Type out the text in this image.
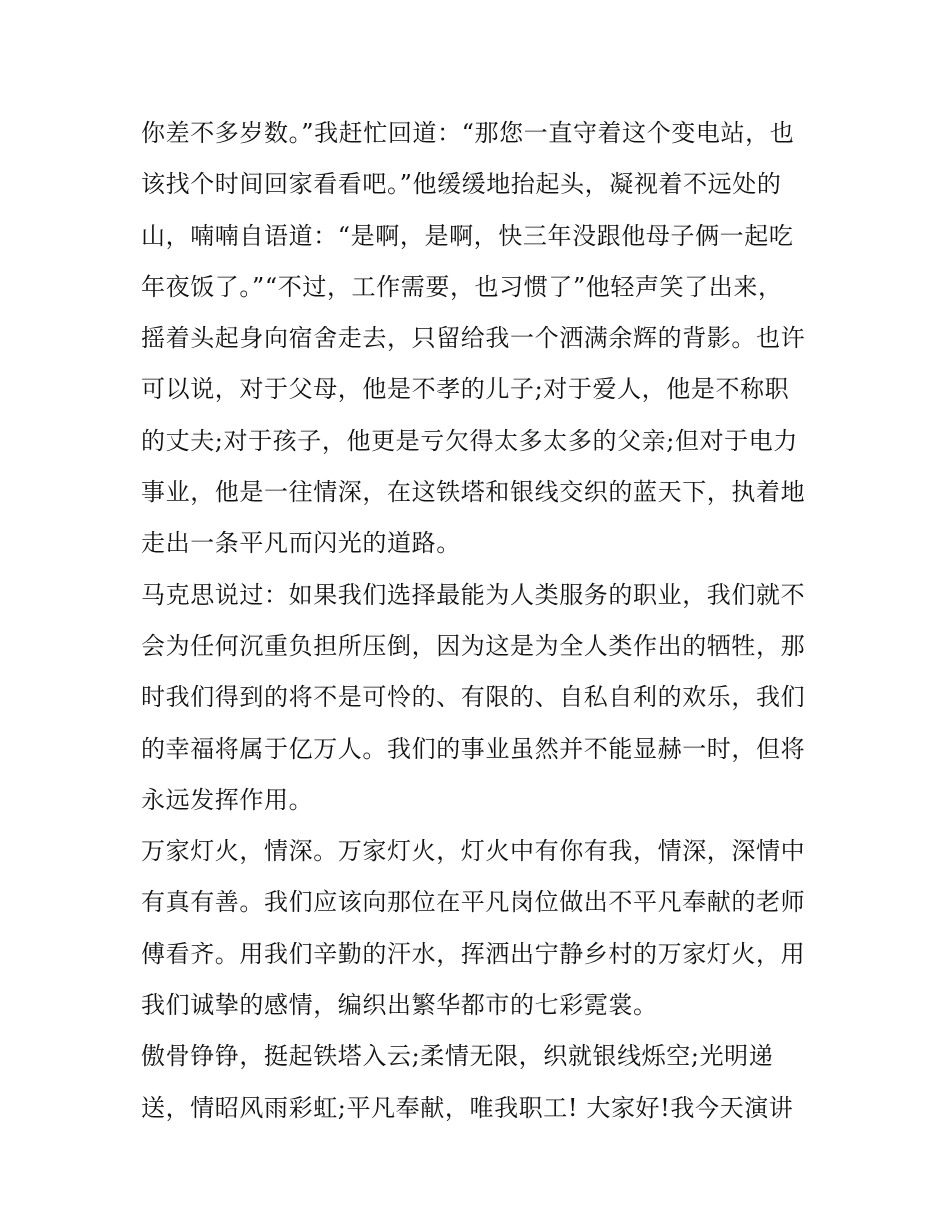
你差不多岁数。”我赶忙回道：“那您一直守着这个变电站，也
该找个时间回家看看吧。”他缓缓地抬起头，凝视着不远处的
山，喃喃自语道：“是啊，是啊，快三年没跟他母子俩一起吃
年夜饭了。”“不过，工作需要，也习惯了”他轻声笑了出来，
摇着头起身向宿舍走去，只留给我一个洒满余辉的背影。也许
可以说，对于父母，他是不孝的儿子;对于爱人，他是不称职
的丈夫;对于孩子，他更是亏欠得太多太多的父亲;但对于电力
事业，他是一往情深，在这铁塔和银线交织的蓝天下，执着地
走出一条平凡而闪光的道路。
马克思说过：如果我们选择最能为人类服务的职业，我们就不
会为任何沉重负担所压倒，因为这是为全人类作出的牺牲，那
时我们得到的将不是可怜的、有限的、自私自利的欢乐，我们
的幸福将属于亿万人。我们的事业虽然并不能显赫一时，但将
永远发挥作用。
万家灯火，情深。万家灯火，灯火中有你有我，情深，深情中
有真有善。我们应该向那位在平凡岗位做出不平凡奉献的老师
傅看齐。用我们辛勤的汗水，挥洒出宁静乡村的万家灯火，用
我们诚挚的感情，编织出繁华都市的七彩霓裳。
傲骨铮铮，挺起铁塔入云;柔情无限，织就银线烁空;光明递
送，情昭风雨彩虹;平凡奉献，唯我职工! 大家好!我今天演讲
